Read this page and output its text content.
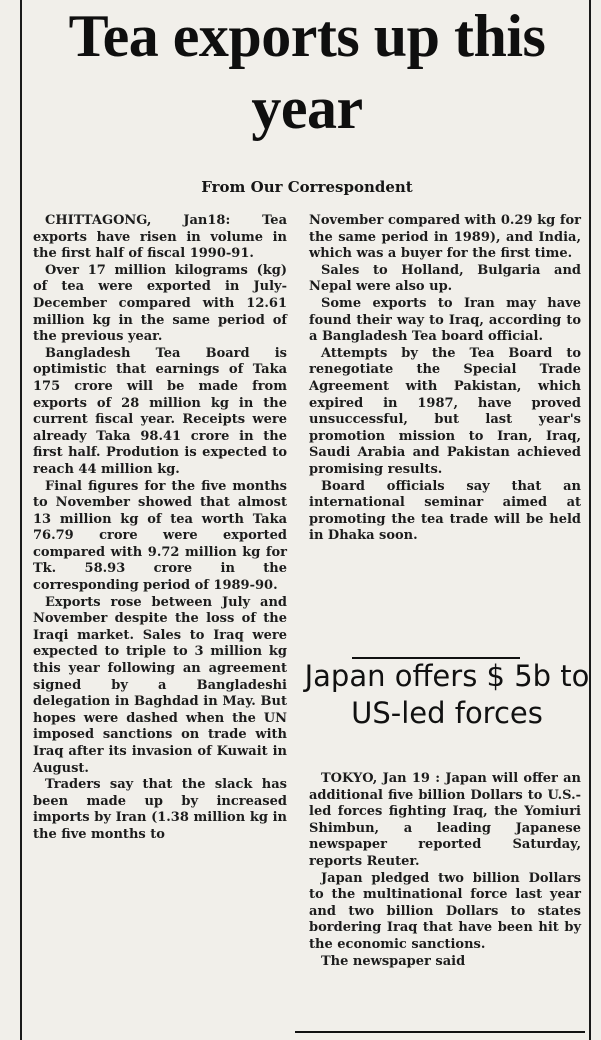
Tea exports up this year
From Our Correspondent

CHITTAGONG, Jan18: Tea exports have risen in volume in the first half of fiscal 1990-91.

Over 17 million kilograms (kg) of tea were exported in July-December compared with 12.61 million kg in the same period of the previous year.

Bangladesh Tea Board is optimistic that earnings of Taka 175 crore will be made from exports of 28 million kg in the current fiscal year. Receipts were already Taka 98.41 crore in the first half. Prodution is expected to reach 44 million kg.

Final figures for the five months to November showed that almost 13 million kg of tea worth Taka 76.79 crore were exported compared with 9.72 million kg for Tk. 58.93 crore in the corresponding period of 1989-90.

Exports rose between July and November despite the loss of the Iraqi market. Sales to Iraq were expected to triple to 3 million kg this year following an agreement signed by a Bangladeshi delegation in Baghdad in May. But hopes were dashed when the UN imposed sanctions on trade with Iraq after its invasion of Kuwait in August.

Traders say that the slack has been made up by increased imports by Iran (1.38 million kg in the five months to

November compared with 0.29 kg for the same period in 1989), and India, which was a buyer for the first time.

Sales to Holland, Bulgaria and Nepal were also up.

Some exports to Iran may have found their way to Iraq, according to a Bangladesh Tea board official.

Attempts by the Tea Board to renegotiate the Special Trade Agreement with Pakistan, which expired in 1987, have proved unsuccessful, but last year's promotion mission to Iran, Iraq, Saudi Arabia and Pakistan achieved promising results.

Board officials say that an international seminar aimed at promoting the tea trade will be held in Dhaka soon.

Japan offers $ 5b to US-led forces

TOKYO, Jan 19 : Japan will offer an additional five billion Dollars to U.S.-led forces fighting Iraq, the Yomiuri Shimbun, a leading Japanese newspaper reported Saturday, reports Reuter.

Japan pledged two billion Dollars to the multinational force last year and two billion Dollars to states bordering Iraq that have been hit by the economic sanctions.

The newspaper said
